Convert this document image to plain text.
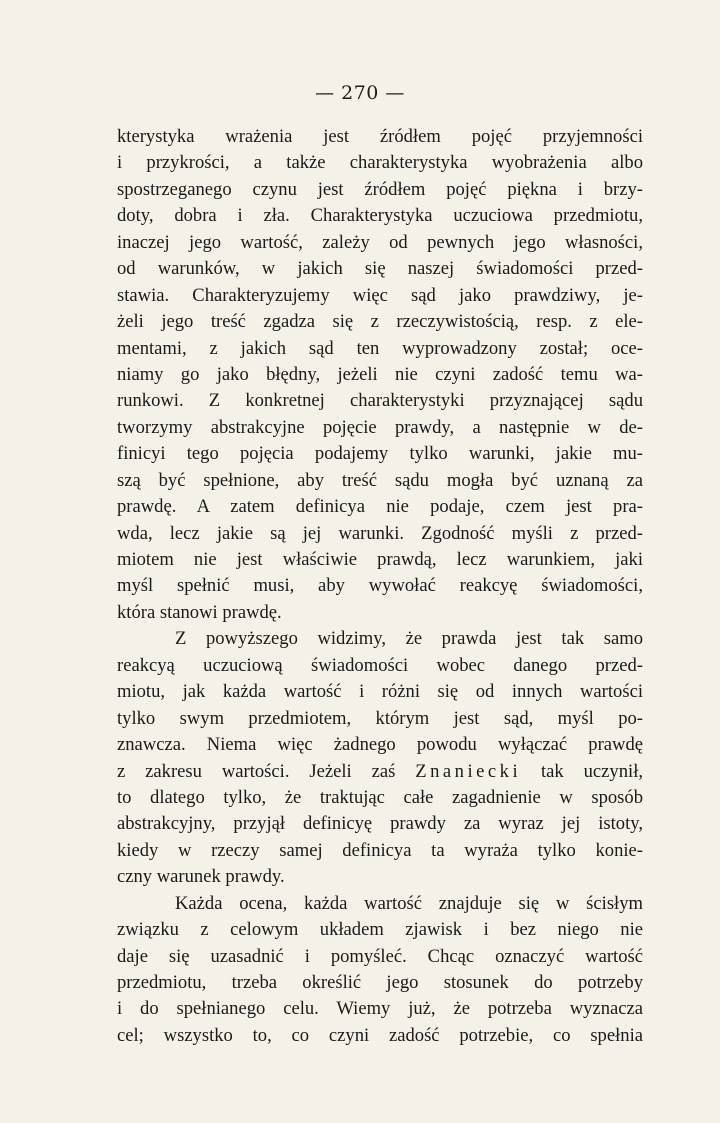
— 270 —
kterystyka wrażenia jest źródłem pojęć przyjemności
i przykrości, a także charakterystyka wyobrażenia albo
spostrzeganego czynu jest źródłem pojęć piękna i brzy-
doty, dobra i zła. Charakterystyka uczuciowa przedmiotu,
inaczej jego wartość, zależy od pewnych jego własności,
od warunków, w jakich się naszej świadomości przed-
stawia. Charakteryzujemy więc sąd jako prawdziwy, je-
żeli jego treść zgadza się z rzeczywistością, resp. z ele-
mentami, z jakich sąd ten wyprowadzony został; oce-
niamy go jako błędny, jeżeli nie czyni zadość temu wa-
runkowi. Z konkretnej charakterystyki przyznającej sądu
tworzymy abstrakcyjne pojęcie prawdy, a następnie w de-
finicyi tego pojęcia podajemy tylko warunki, jakie mu-
szą być spełnione, aby treść sądu mogła być uznaną za
prawdę. A zatem definicya nie podaje, czem jest pra-
wda, lecz jakie są jej warunki. Zgodność myśli z przed-
miotem nie jest właściwie prawdą, lecz warunkiem, jaki
myśl spełnić musi, aby wywołać reakcyę świadomości,
która stanowi prawdę.
Z powyższego widzimy, że prawda jest tak samo
reakcyą uczuciową świadomości wobec danego przed-
miotu, jak każda wartość i różni się od innych wartości
tylko swym przedmiotem, którym jest sąd, myśl po-
znawcza. Niema więc żadnego powodu wyłączać prawdę
z zakresu wartości. Jeżeli zaś Znaniecki tak uczynił,
to dlatego tylko, że traktując całe zagadnienie w sposób
abstrakcyjny, przyjął definicyę prawdy za wyraz jej istoty,
kiedy w rzeczy samej definicya ta wyraża tylko konie-
czny warunek prawdy.
Każda ocena, każda wartość znajduje się w ścisłym
związku z celowym układem zjawisk i bez niego nie
daje się uzasadnić i pomyśleć. Chcąc oznaczyć wartość
przedmiotu, trzeba określić jego stosunek do potrzeby
i do spełnianego celu. Wiemy już, że potrzeba wyznacza
cel; wszystko to, co czyni zadość potrzebie, co spełnia
